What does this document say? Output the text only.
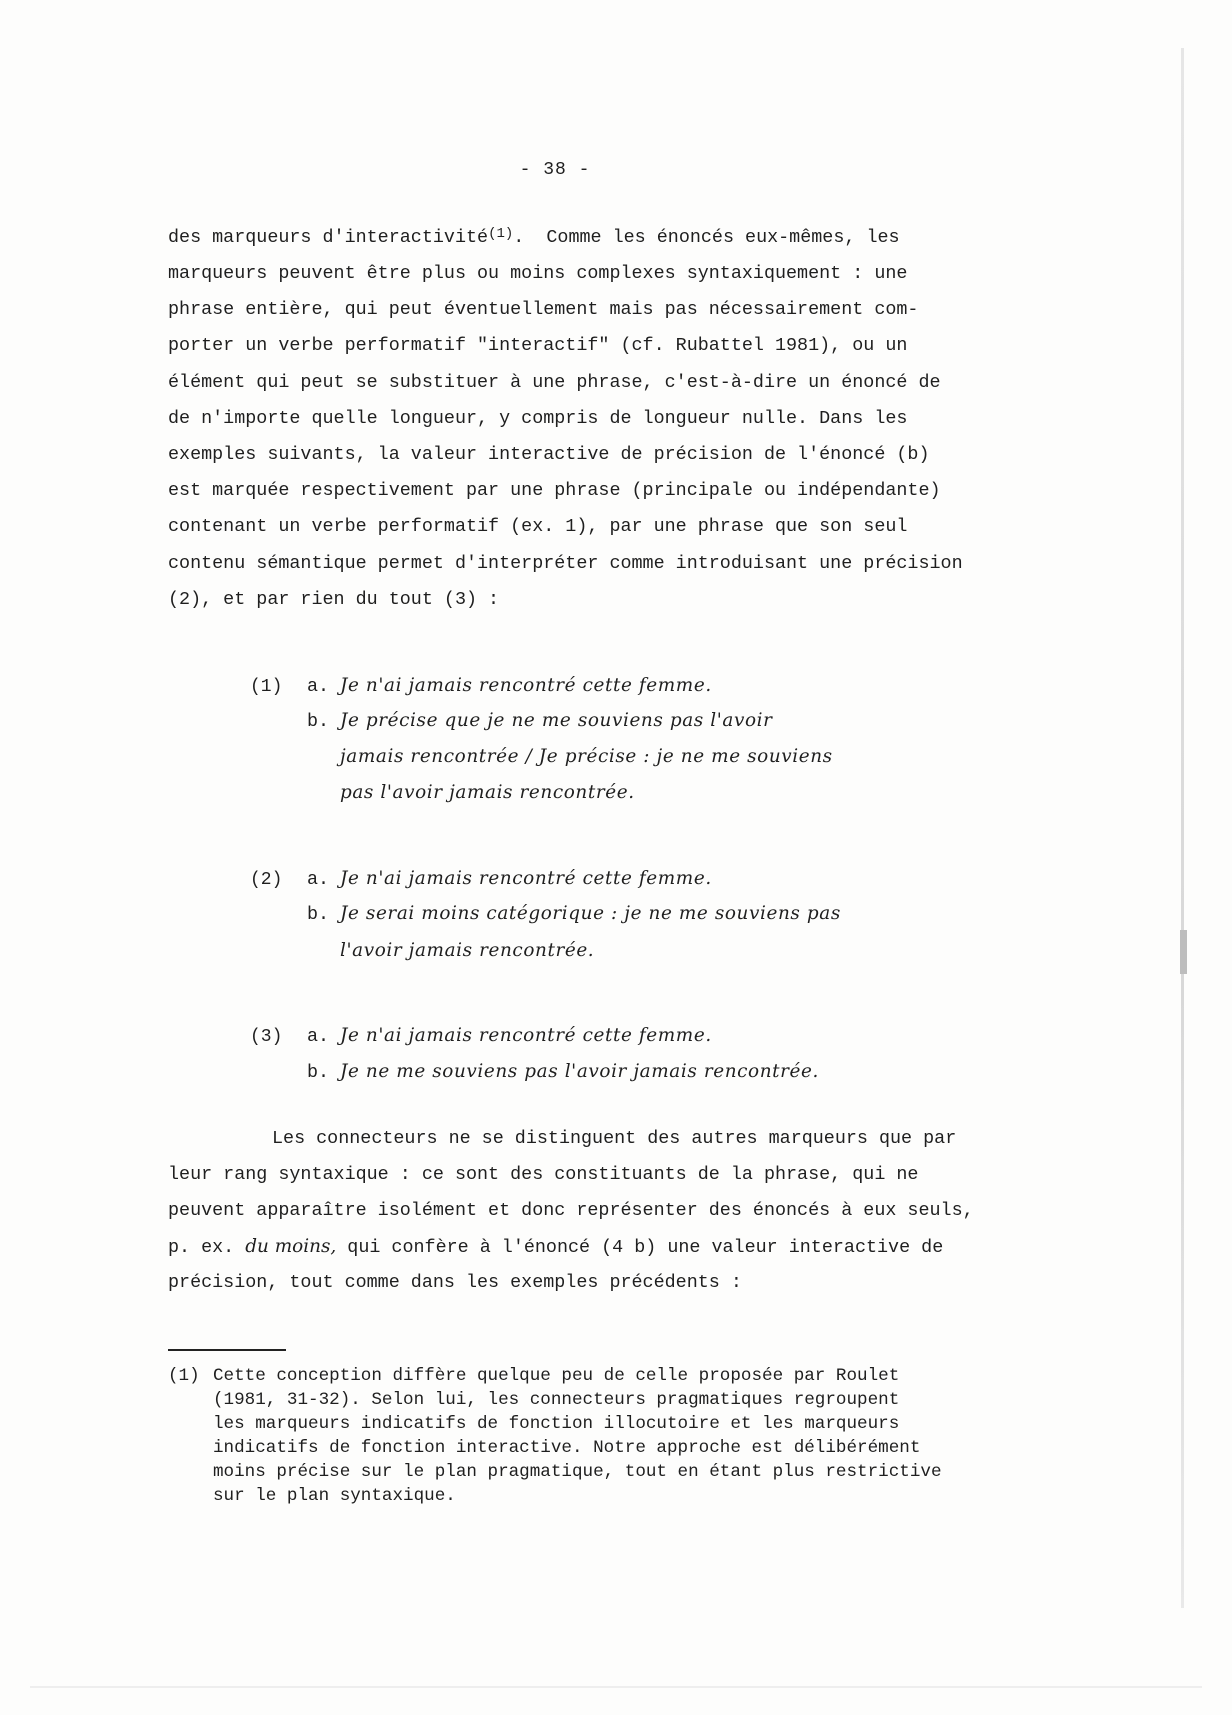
- 38 -
des marqueurs d'interactivité$^{(1)}$.  Comme les énoncés eux-mêmes, les
marqueurs peuvent être plus ou moins complexes syntaxiquement : une
phrase entière, qui peut éventuellement mais pas nécessairement com-
porter un verbe performatif "interactif" (cf. Rubattel 1981), ou un
élément qui peut se substituer à une phrase, c'est-à-dire un énoncé de
de n'importe quelle longueur, y compris de longueur nulle. Dans les
exemples suivants, la valeur interactive de précision de l'énoncé (b)
est marquée respectivement par une phrase (principale ou indépendante)
contenant un verbe performatif (ex. 1), par une phrase que son seul
contenu sémantique permet d'interpréter comme introduisant une précision
(2), et par rien du tout (3) :
(1) a. Je n'ai jamais rencontré cette femme.
b. Je précise que je ne me souviens pas l'avoir
jamais rencontrée / Je précise : je ne me souviens
pas l'avoir jamais rencontrée.
(2) a. Je n'ai jamais rencontré cette femme.
b. Je serai moins catégorique : je ne me souviens pas
l'avoir jamais rencontrée.
(3) a. Je n'ai jamais rencontré cette femme.
b. Je ne me souviens pas l'avoir jamais rencontrée.
Les connecteurs ne se distinguent des autres marqueurs que par
leur rang syntaxique : ce sont des constituants de la phrase, qui ne
peuvent apparaître isolément et donc représenter des énoncés à eux seuls,
p. ex. du moins, qui confère à l'énoncé (4 b) une valeur interactive de
précision, tout comme dans les exemples précédents :
(1) Cette conception diffère quelque peu de celle proposée par Roulet
(1981, 31-32). Selon lui, les connecteurs pragmatiques regroupent
les marqueurs indicatifs de fonction illocutoire et les marqueurs
indicatifs de fonction interactive. Notre approche est délibérément
moins précise sur le plan pragmatique, tout en étant plus restrictive
sur le plan syntaxique.
